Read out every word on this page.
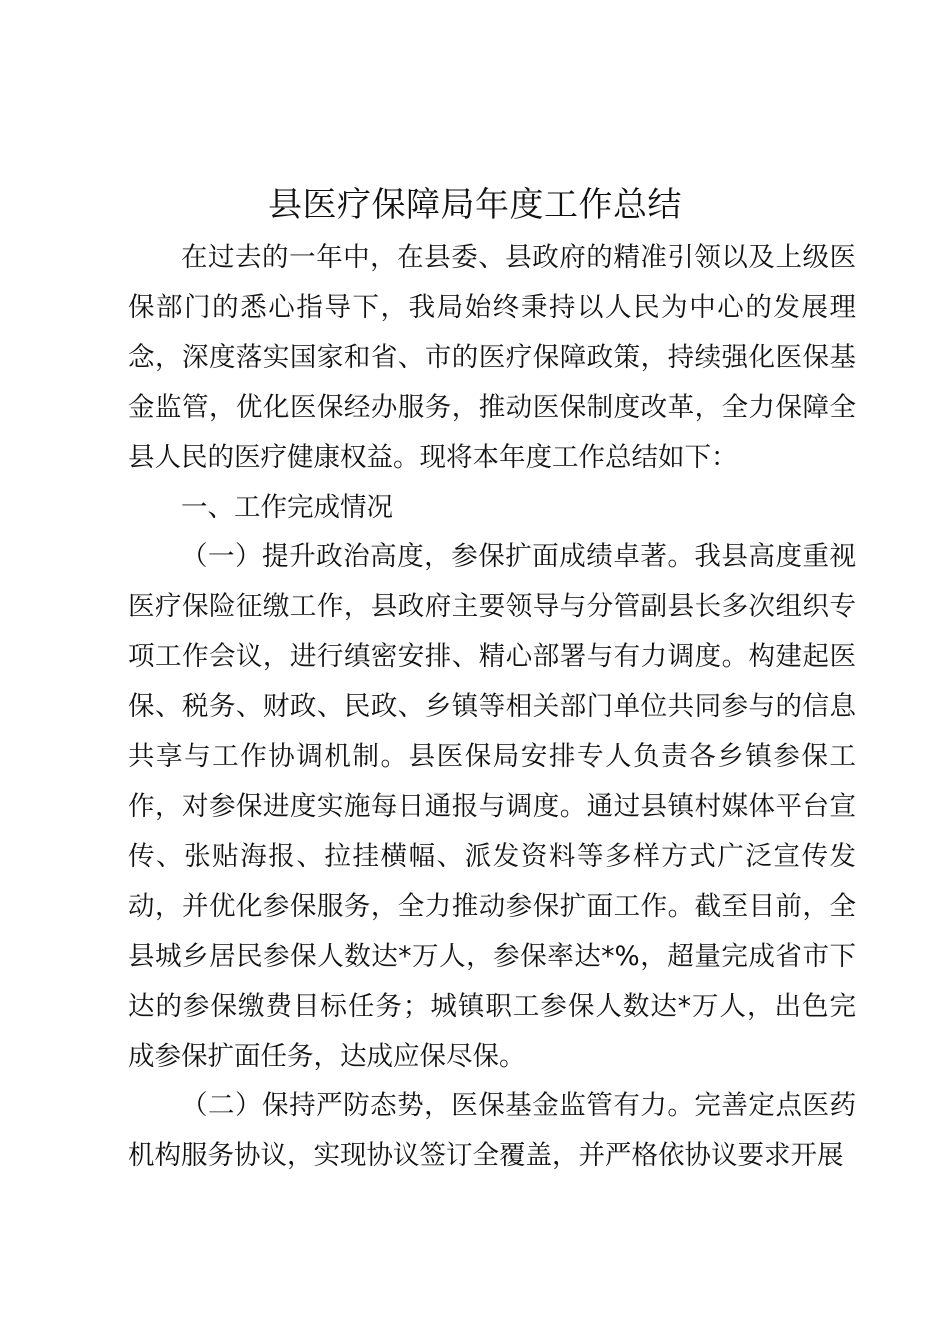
县医疗保障局年度工作总结

在过去的一年中，在县委、县政府的精准引领以及上级医保部门的悉心指导下，我局始终秉持以人民为中心的发展理念，深度落实国家和省、市的医疗保障政策，持续强化医保基金监管，优化医保经办服务，推动医保制度改革，全力保障全县人民的医疗健康权益。现将本年度工作总结如下：

一、工作完成情况

（一）提升政治高度，参保扩面成绩卓著。我县高度重视医疗保险征缴工作，县政府主要领导与分管副县长多次组织专项工作会议，进行缜密安排、精心部署与有力调度。构建起医保、税务、财政、民政、乡镇等相关部门单位共同参与的信息共享与工作协调机制。县医保局安排专人负责各乡镇参保工作，对参保进度实施每日通报与调度。通过县镇村媒体平台宣传、张贴海报、拉挂横幅、派发资料等多样方式广泛宣传发动，并优化参保服务，全力推动参保扩面工作。截至目前，全县城乡居民参保人数达*万人，参保率达*%，超量完成省市下达的参保缴费目标任务；城镇职工参保人数达*万人，出色完成参保扩面任务，达成应保尽保。

（二）保持严防态势，医保基金监管有力。完善定点医药机构服务协议，实现协议签订全覆盖，并严格依协议要求开展
